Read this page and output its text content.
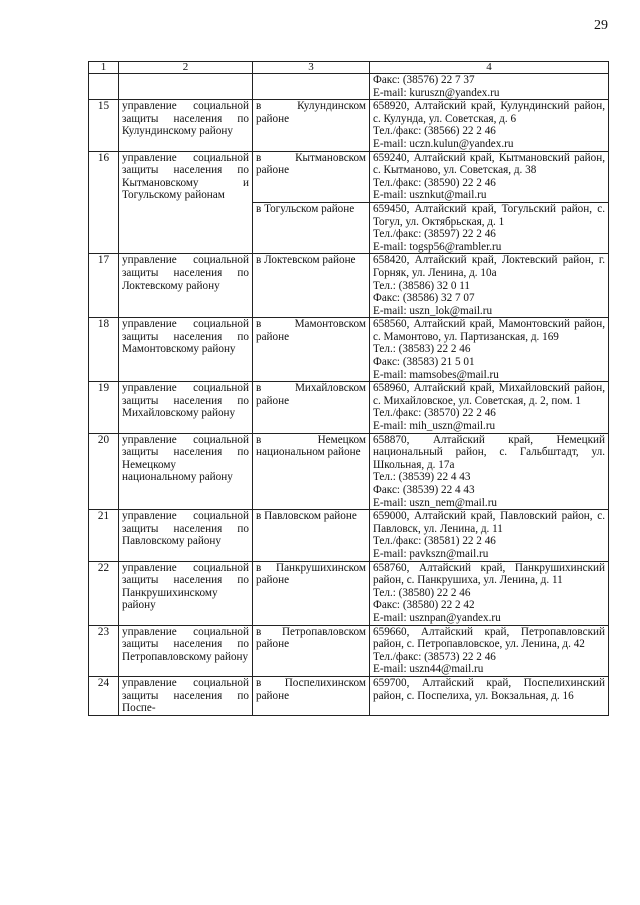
29
1	2	3	4

			Факс: (38576) 22 7 37
E-mail: kuruszn@yandex.ru

15	управление социальной защиты населения по Кулундинскому району	в Кулундинском районе	658920, Алтайский край, Кулундинский район, с. Кулунда, ул. Советская, д. 6
Тел./факс: (38566) 22 2 46
E-mail: uczn.kulun@yandex.ru

16	управление социальной защиты населения по Кытмановскому и Тогульскому районам	в Кытмановском районе	659240, Алтайский край, Кытмановский район, с. Кытманово, ул. Советская, д. 38
Тел./факс: (38590) 22 2 46
E-mail: usznkut@mail.ru

		в Тогульском районе	659450, Алтайский край, Тогульский район, с. Тогул, ул. Октябрьская, д. 1
Тел./факс: (38597) 22 2 46
E-mail: togsp56@rambler.ru

17	управление социальной защиты населения по Локтевскому району	в Локтевском районе	658420, Алтайский край, Локтевский район, г. Горняк, ул. Ленина, д. 10а
Тел.: (38586) 32 0 11
Факс: (38586) 32 7 07
E-mail: uszn_lok@mail.ru

18	управление социальной защиты населения по Мамонтовскому району	в Мамонтовском районе	658560, Алтайский край, Мамонтовский район, с. Мамонтово, ул. Партизанская, д. 169
Тел.: (38583) 22 2 46
Факс: (38583) 21 5 01
E-mail: mamsobes@mail.ru

19	управление социальной защиты населения по Михайловскому району	в Михайловском районе	658960, Алтайский край, Михайловский район, с. Михайловское, ул. Советская, д. 2, пом. 1
Тел./факс: (38570) 22 2 46
E-mail: mih_uszn@mail.ru

20	управление социальной защиты населения по Немецкому национальному району	в Немецком национальном районе	658870, Алтайский край, Немецкий национальный район, с. Гальбштадт, ул. Школьная, д. 17а
Тел.: (38539) 22 4 43
Факс: (38539) 22 4 43
E-mail: uszn_nem@mail.ru

21	управление социальной защиты населения по Павловскому району	в Павловском районе	659000, Алтайский край, Павловский район, с. Павловск, ул. Ленина, д. 11
Тел./факс: (38581) 22 2 46
E-mail: pavkszn@mail.ru

22	управление социальной защиты населения по Панкрушихинскому району	в Панкрушихинском районе	658760, Алтайский край, Панкрушихинский район, с. Панкрушиха, ул. Ленина, д. 11
Тел.: (38580) 22 2 46
Факс: (38580) 22 2 42
E-mail: usznpan@yandex.ru

23	управление социальной защиты населения по Петропавловскому району	в Петропавловском районе	659660, Алтайский край, Петропавловский район, с. Петропавловское, ул. Ленина, д. 42
Тел./факс: (38573) 22 2 46
E-mail: uszn44@mail.ru

24	управление социальной защиты населения по Поспе-	в Поспелихинском районе	659700, Алтайский край, Поспелихинский район, с. Поспелиха, ул. Вокзальная, д. 16
